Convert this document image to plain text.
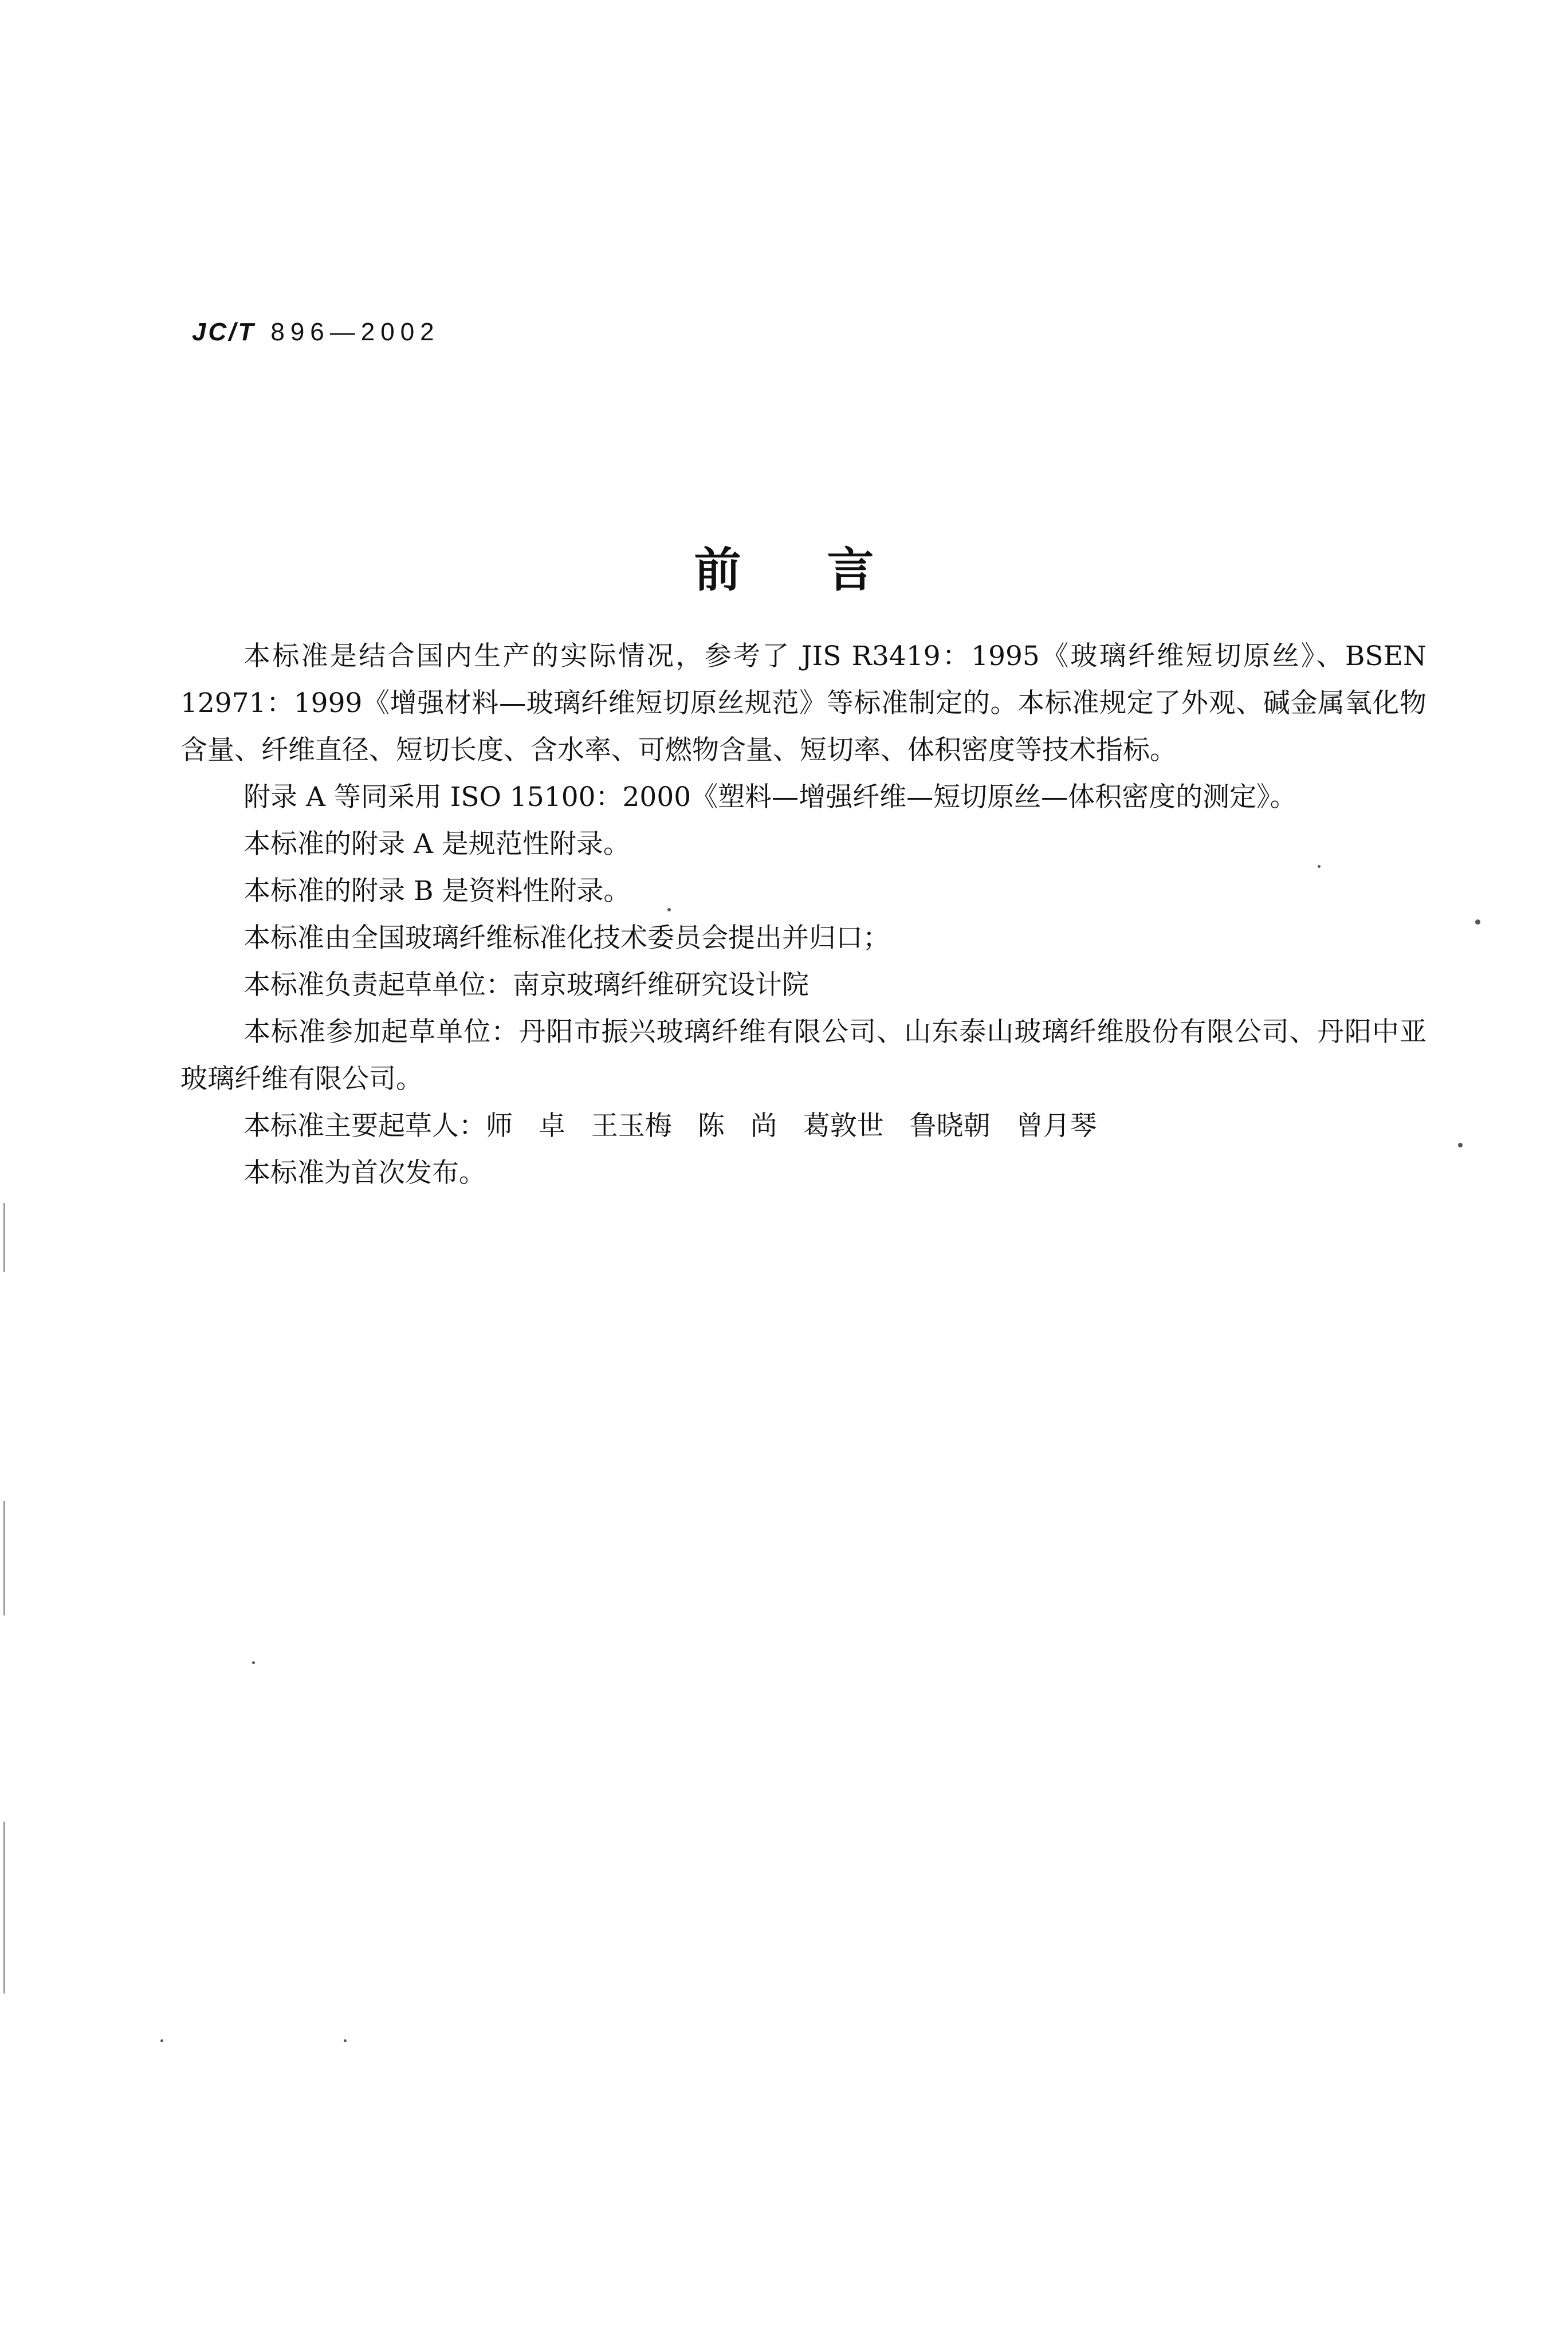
JC/T 896—2002
前言

本标准是结合国内生产的实际情况，参考了 JIS R3419：1995《玻璃纤维短切原丝》、BSEN 12971：1999《增强材料—玻璃纤维短切原丝规范》等标准制定的。本标准规定了外观、碱金属氧化物含量、纤维直径、短切长度、含水率、可燃物含量、短切率、体积密度等技术指标。

附录 A 等同采用 ISO 15100：2000《塑料—增强纤维—短切原丝—体积密度的测定》。

本标准的附录 A 是规范性附录。

本标准的附录 B 是资料性附录。

本标准由全国玻璃纤维标准化技术委员会提出并归口；

本标准负责起草单位：南京玻璃纤维研究设计院

本标准参加起草单位：丹阳市振兴玻璃纤维有限公司、山东泰山玻璃纤维股份有限公司、丹阳中亚玻璃纤维有限公司。

本标准主要起草人：师 卓 王玉梅 陈 尚 葛敦世 鲁晓朝 曾月琴

本标准为首次发布。
